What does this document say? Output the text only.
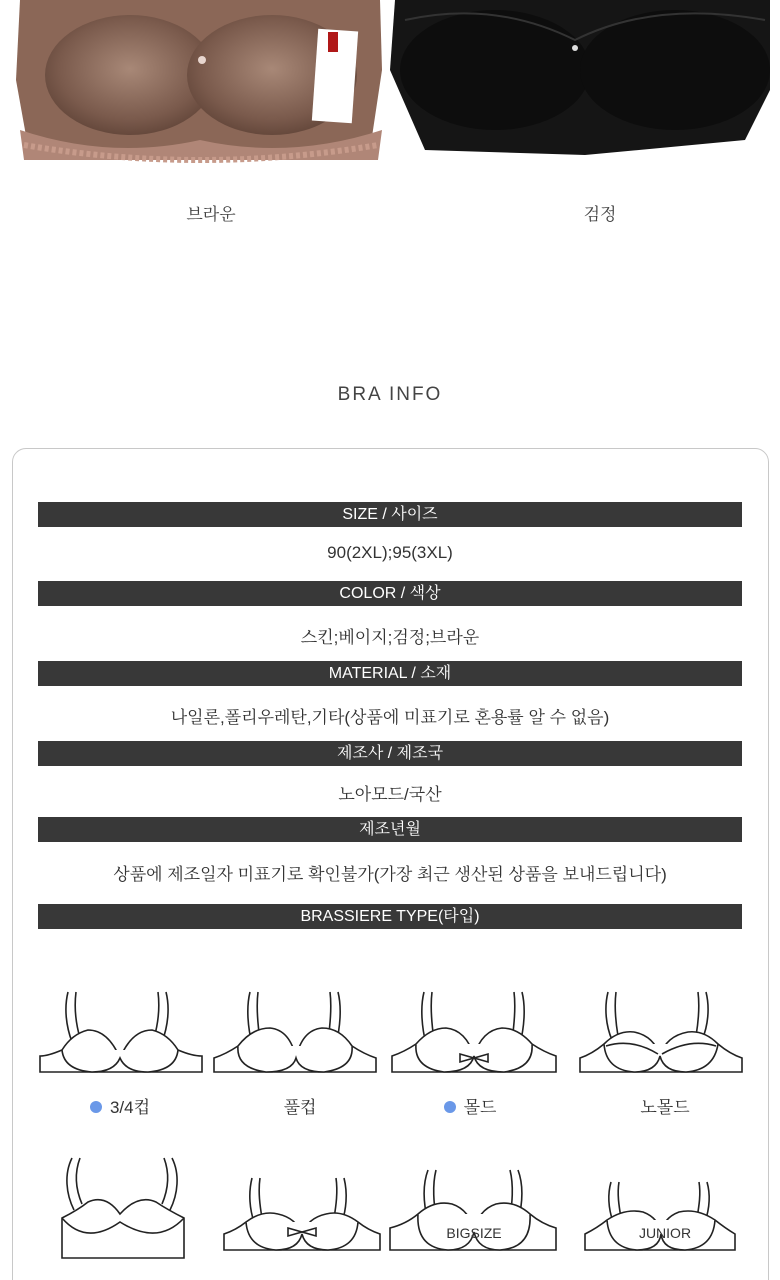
브라운	검정
BRA INFO
SIZE / 사이즈
90(2XL);95(3XL)
COLOR / 색상
스킨;베이지;검정;브라운
MATERIAL / 소재
나일론,폴리우레탄,기타(상품에 미표기로 혼용률 알 수 없음)
제조사 / 제조국
노아모드/국산
제조년월
상품에 제조일자 미표기로 확인불가(가장 최근 생산된 상품을 보내드립니다)
BRASSIERE TYPE(타입)
3/4컵	풀컵	몰드	노몰드
BIGSIZE	JUNIOR
